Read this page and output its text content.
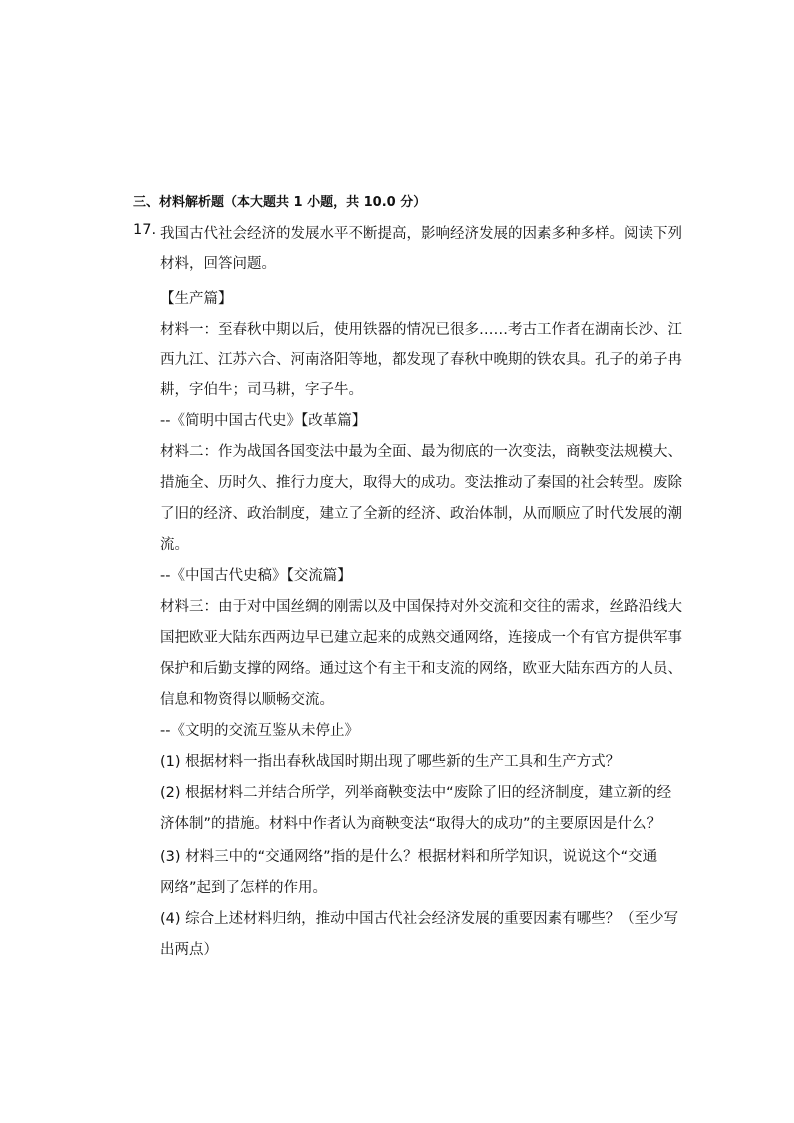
三、材料解析题（本大题共 1 小题，共 10.0 分）
17. 我国古代社会经济的发展水平不断提高，影响经济发展的因素多种多样。阅读下列
材料，回答问题。
【生产篇】
材料一：至春秋中期以后，使用铁器的情况已很多……考古工作者在湖南长沙、江
西九江、江苏六合、河南洛阳等地，都发现了春秋中晚期的铁农具。孔子的弟子冉
耕，字伯牛；司马耕，字子牛。
--《简明中国古代史》【改革篇】
材料二：作为战国各国变法中最为全面、最为彻底的一次变法，商鞅变法规模大、
措施全、历时久、推行力度大，取得大的成功。变法推动了秦国的社会转型。废除
了旧的经济、政治制度，建立了全新的经济、政治体制，从而顺应了时代发展的潮
流。
--《中国古代史稿》【交流篇】
材料三：由于对中国丝绸的刚需以及中国保持对外交流和交往的需求，丝路沿线大
国把欧亚大陆东西两边早已建立起来的成熟交通网络，连接成一个有官方提供军事
保护和后勤支撑的网络。通过这个有主干和支流的网络，欧亚大陆东西方的人员、
信息和物资得以顺畅交流。
--《文明的交流互鉴从未停止》
(1) 根据材料一指出春秋战国时期出现了哪些新的生产工具和生产方式？
(2) 根据材料二并结合所学，列举商鞅变法中“废除了旧的经济制度，建立新的经
济体制”的措施。材料中作者认为商鞅变法“取得大的成功”的主要原因是什么？
(3) 材料三中的“交通网络”指的是什么？根据材料和所学知识，说说这个“交通
网络”起到了怎样的作用。
(4) 综合上述材料归纳，推动中国古代社会经济发展的重要因素有哪些？（至少写
出两点）
